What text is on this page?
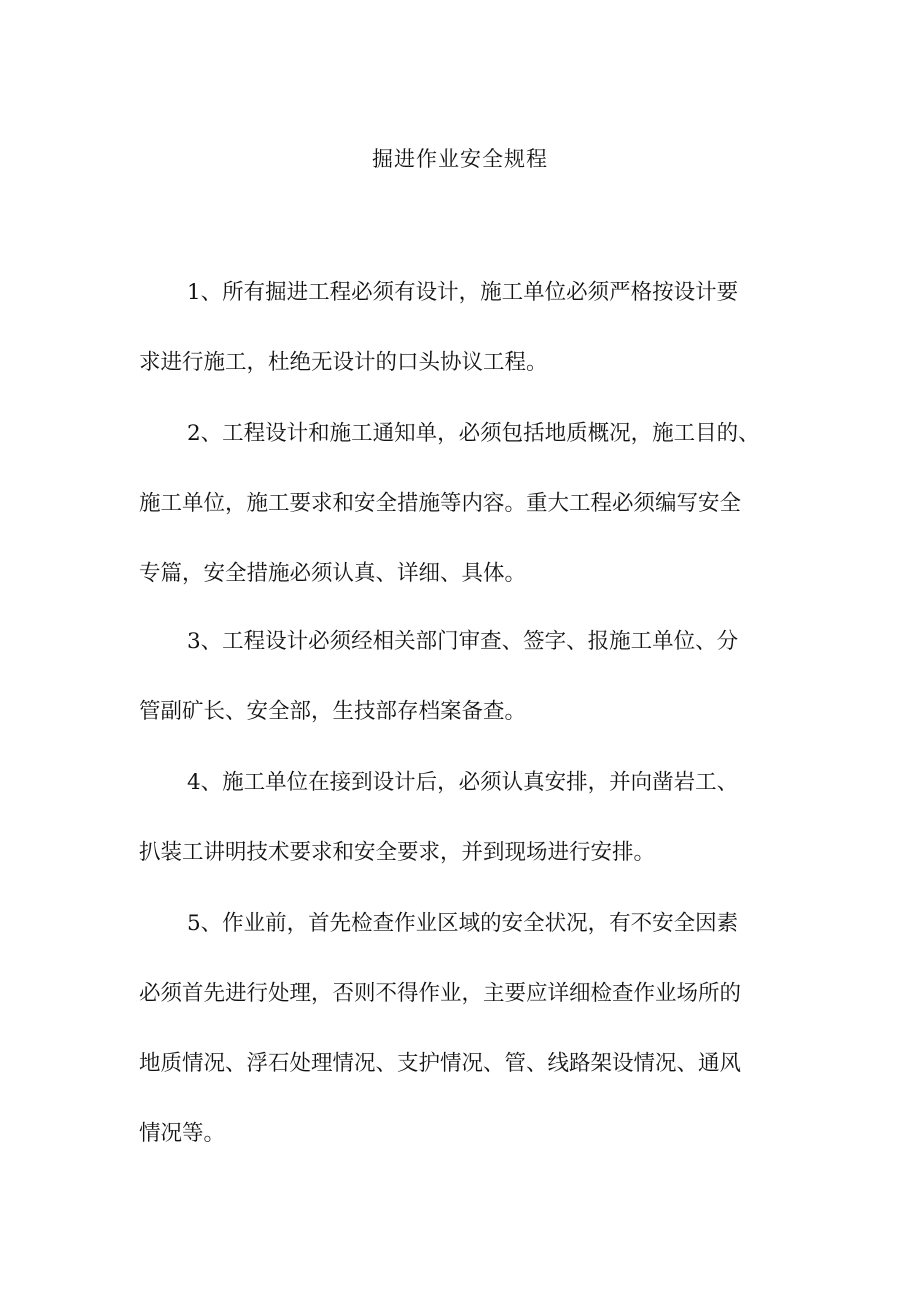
掘进作业安全规程
1、所有掘进工程必须有设计，施工单位必须严格按设计要
求进行施工，杜绝无设计的口头协议工程。
2、工程设计和施工通知单，必须包括地质概况，施工目的、
施工单位，施工要求和安全措施等内容。重大工程必须编写安全
专篇，安全措施必须认真、详细、具体。
3、工程设计必须经相关部门审查、签字、报施工单位、分
管副矿长、安全部，生技部存档案备查。
4、施工单位在接到设计后，必须认真安排，并向凿岩工、
扒装工讲明技术要求和安全要求，并到现场进行安排。
5、作业前，首先检查作业区域的安全状况，有不安全因素
必须首先进行处理，否则不得作业，主要应详细检查作业场所的
地质情况、浮石处理情况、支护情况、管、线路架设情况、通风
情况等。
